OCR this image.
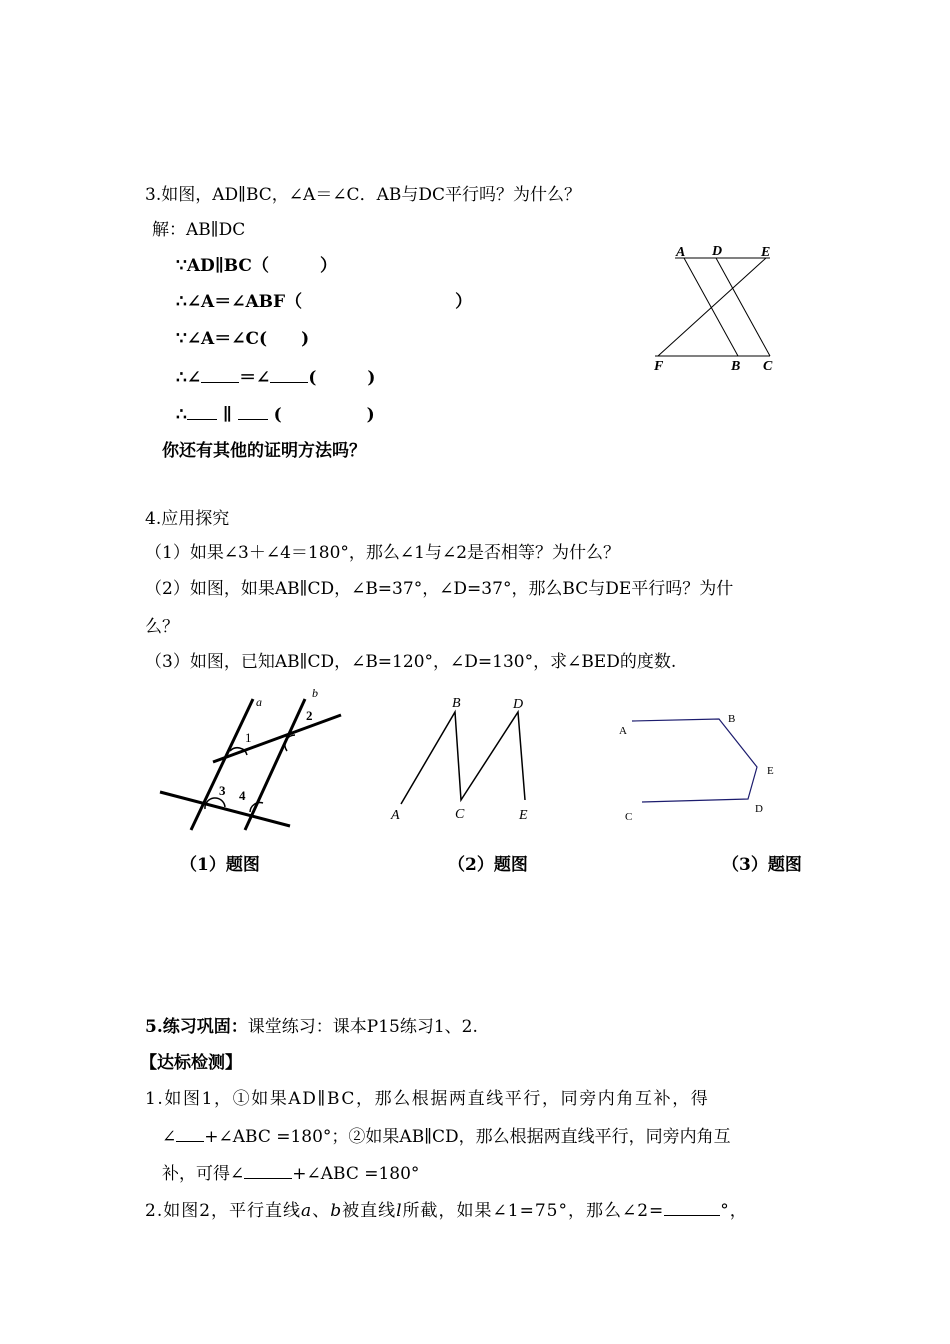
3.如图，AD∥BC，∠A＝∠C．AB与DC平行吗？为什么？
解：AB∥DC
∵AD∥BC（　　　）
∴∠A＝∠ABF（　　　　　　　　　）
∵∠A＝∠C(　　)
∴∠ ＝∠ (　　　)
∴ ∥  (　　　　　)
你还有其他的证明方法吗？
A D	E
F	B C
4.应用探究
（1）如果∠3＋∠4＝180°，那么∠1与∠2是否相等？为什么？
（2）如图，如果AB∥CD，∠B=37°，∠D=37°，那么BC与DE平行吗？为什
么？
（3）如图，已知AB∥CD，∠B=120°，∠D=130°，求∠BED的度数.
a
b
1
2
3 4
（1）题图
A
B
C
D
E
（2）题图
A
B
E
C
D
（3）题图
5.练习巩固：课堂练习：课本P15练习1、2.
【达标检测】
1.如图1，①如果AD∥BC，那么根据两直线平行，同旁内角互补，得
∠ +∠ABC =180°；②如果AB∥CD，那么根据两直线平行，同旁内角互
补，可得∠	+∠ABC =180°
2.如图2，平行直线a、b被直线l所截，如果∠1=75°，那么∠2=	°，
